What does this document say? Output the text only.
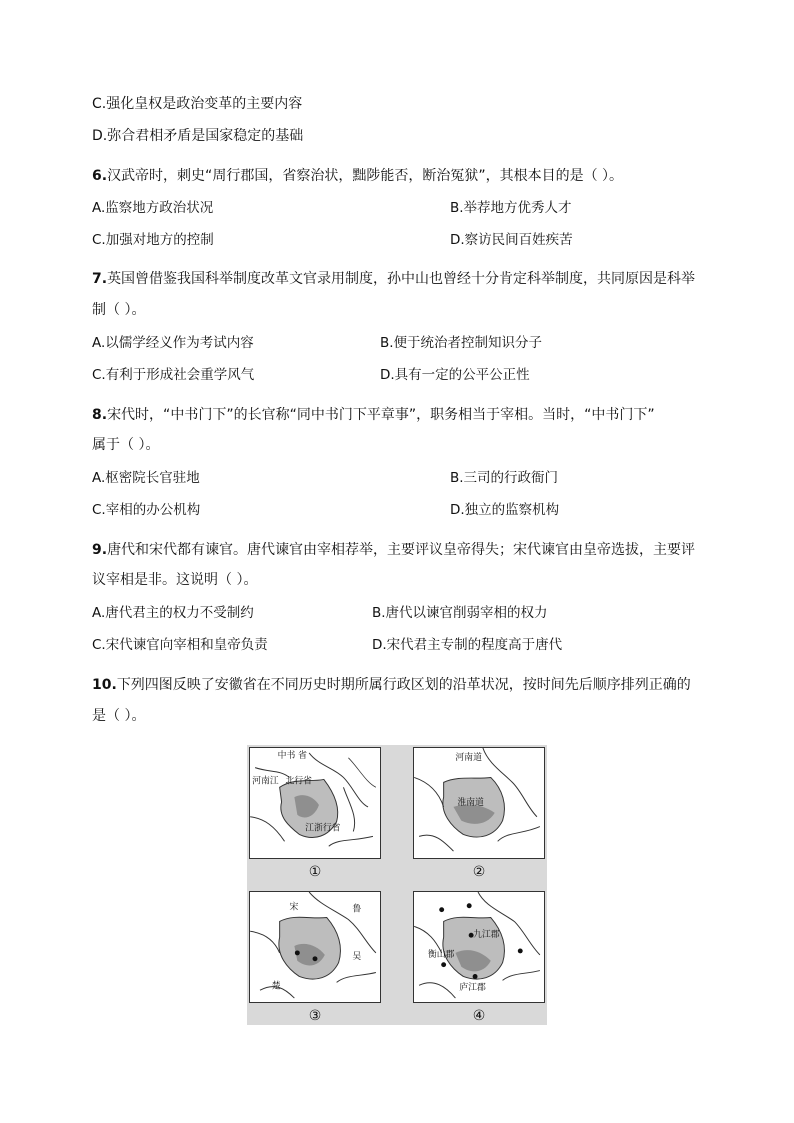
C.强化皇权是政治变革的主要内容
D.弥合君相矛盾是国家稳定的基础
6.汉武帝时，刺史“周行郡国，省察治状，黜陟能否，断治冤狱”，其根本目的是（ ）。
A.监察地方政治状况	B.举荐地方优秀人才
C.加强对地方的控制	D.察访民间百姓疾苦
7.英国曾借鉴我国科举制度改革文官录用制度，孙中山也曾经十分肯定科举制度，共同原因是科举
制（ ）。
A.以儒学经义作为考试内容	B.便于统治者控制知识分子
C.有利于形成社会重学风气	D.具有一定的公平公正性
8.宋代时，“中书门下”的长官称“同中书门下平章事”，职务相当于宰相。当时，“中书门下”
属于（ ）。
A.枢密院长官驻地	B.三司的行政衙门
C.宰相的办公机构	D.独立的监察机构
9.唐代和宋代都有谏官。唐代谏官由宰相荐举，主要评议皇帝得失；宋代谏官由皇帝选拔，主要评
议宰相是非。这说明（ ）。
A.唐代君主的权力不受制约	B.唐代以谏官削弱宰相的权力
C.宋代谏官向宰相和皇帝负责	D.宋代君主专制的程度高于唐代
10.下列四图反映了安徽省在不同历史时期所属行政区划的沿革状况，按时间先后顺序排列正确的
是（ ）。
中书 省
河南江 北行省
江浙行省
①
河南道
淮南道
②
宋	鲁
吴
楚
③
九江郡
衡山郡
庐江郡
④
